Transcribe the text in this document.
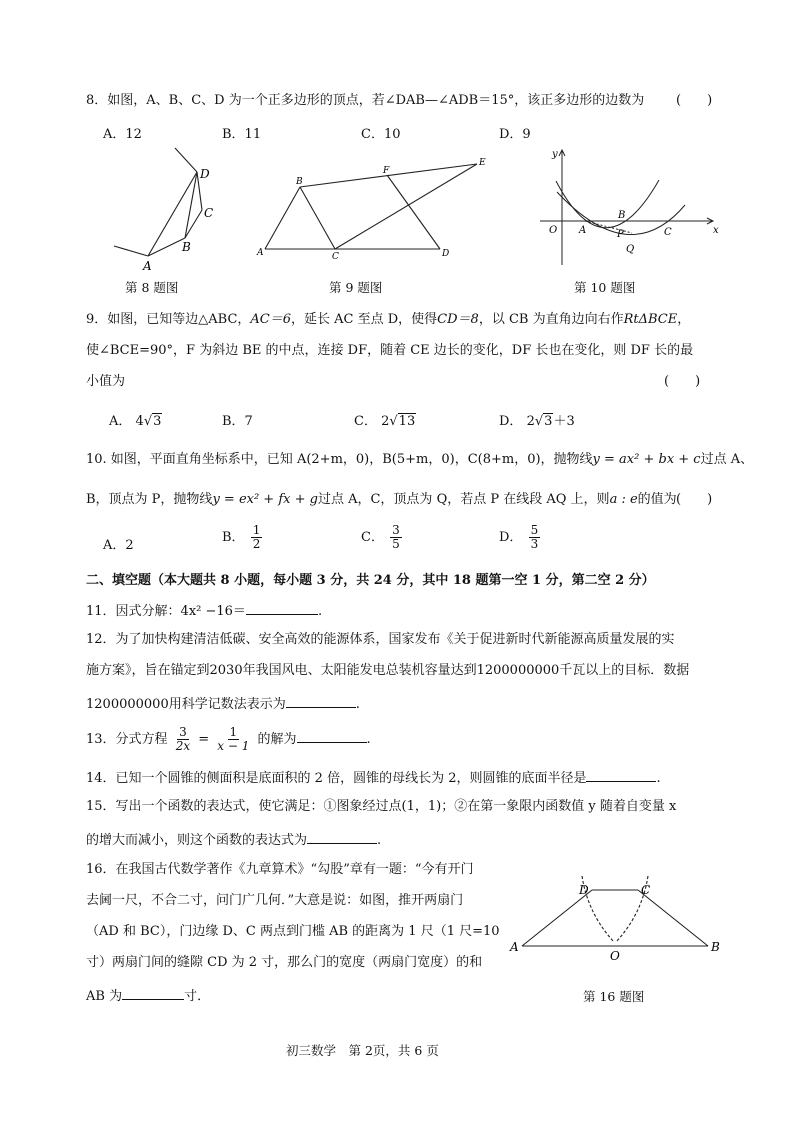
8．如图，A、B、C、D 为一个正多边形的顶点，若∠DAB—∠ADB＝15°，该正多边形的边数为 (　　)
A．12	B．11	C．10	D．9
D
C
B
A
第 8 题图
B
F
E
A	C	D
第 9 题图
y
O A
B
P	C
Q
x
第 10 题图
9．如图，已知等边△ABC，AC＝6，延长 AC 至点 D，使得CD＝8，以 CB 为直角边向右作RtΔBCE，
使∠BCE=90°，F 为斜边 BE 的中点，连接 DF，随着 CE 边长的变化，DF 长也在变化，则 DF 长的最
小值为	(　　)
A． 4√3	B．7	C． 2√13	D． 2√3＋3
10. 如图，平面直角坐标系中，已知 A(2+m，0)，B(5+m，0)，C(8+m，0)，抛物线y = ax² + bx + c过点 A、
B，顶点为 P，抛物线y = ex² + fx + g过点 A，C，顶点为 Q，若点 P 在线段 AQ 上，则a : e的值为 (　　)
A．2
B． $\frac{1}{2}$	C． $\frac{3}{5}$	D． $\frac{5}{3}$
二、填空题（本大题共 8 小题，每小题 3 分，共 24 分，其中 18 题第一空 1 分，第二空 2 分）
11．因式分解：4x² −16＝	.
12．为了加快构建清洁低碳、安全高效的能源体系，国家发布《关于促进新时代新能源高质量发展的实
施方案》，旨在锚定到2030年我国风电、太阳能发电总装机容量达到1200000000千瓦以上的目标．数据
1200000000用科学记数法表示为	.
13．分式方程 $\frac{3}{2x} = \frac{1}{x - 1}$ 的解为	.
14．已知一个圆锥的侧面积是底面积的 2 倍，圆锥的母线长为 2，则圆锥的底面半径是	.
15．写出一个函数的表达式，使它满足：①图象经过点(1，1)；②在第一象限内函数值 y 随着自变量 x
的增大而减小，则这个函数的表达式为	.
16．在我国古代数学著作《九章算术》“勾股”章有一题：“今有开门
去阃一尺，不合二寸，问门广几何．”大意是说：如图，推开两扇门
（AD 和 BC），门边缘 D、C 两点到门槛 AB 的距离为 1 尺（1 尺=10
寸）两扇门间的缝隙 CD 为 2 寸，那么门的宽度（两扇门宽度）的和
AB 为	寸．
D	C
A
O
B
第 16 题图
初三数学　第 2页，共 6 页
